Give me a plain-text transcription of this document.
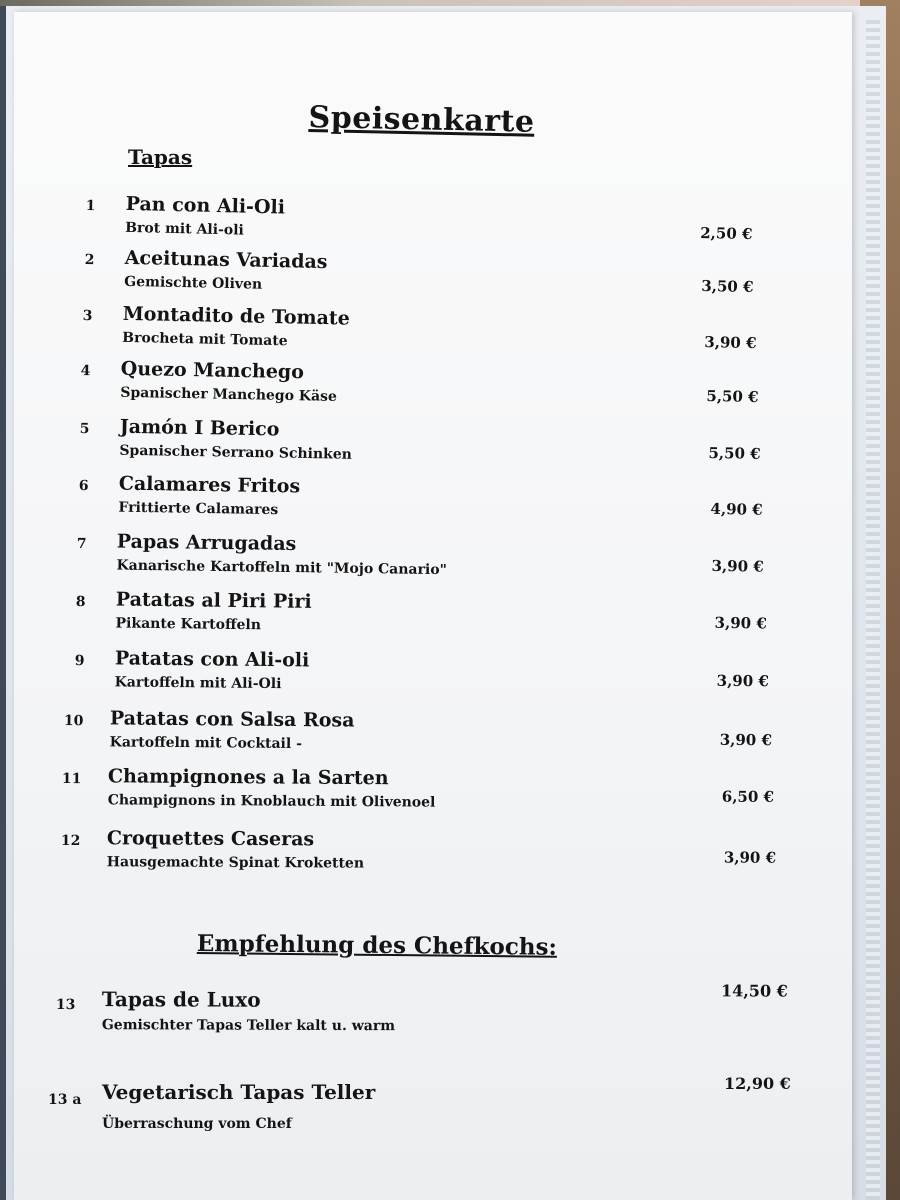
Speisenkarte
Tapas
1	Pan con Ali-Oli
Brot mit Ali-oli	2,50 €
2	Aceitunas Variadas
Gemischte Oliven	3,50 €
3	Montadito de Tomate
Brocheta mit Tomate	3,90 €
4	Quezo Manchego
Spanischer Manchego Käse	5,50 €
5	Jamón I Berico
Spanischer Serrano Schinken	5,50 €
6	Calamares Fritos
Frittierte Calamares	4,90 €
7	Papas Arrugadas
Kanarische Kartoffeln mit "Mojo Canario"	3,90 €
8	Patatas al Piri Piri
Pikante Kartoffeln	3,90 €
9	Patatas con Ali-oli
Kartoffeln mit Ali-Oli	3,90 €
10	Patatas con Salsa Rosa
Kartoffeln mit Cocktail -	3,90 €
11	Champignones a la Sarten
Champignons in Knoblauch mit Olivenoel	6,50 €
12	Croquettes Caseras
Hausgemachte Spinat Kroketten	3,90 €
Empfehlung des Chefkochs:
13	Tapas de Luxo
Gemischter Tapas Teller kalt u. warm
14,50 €
13 a	Vegetarisch Tapas Teller
Überraschung vom Chef
12,90 €
